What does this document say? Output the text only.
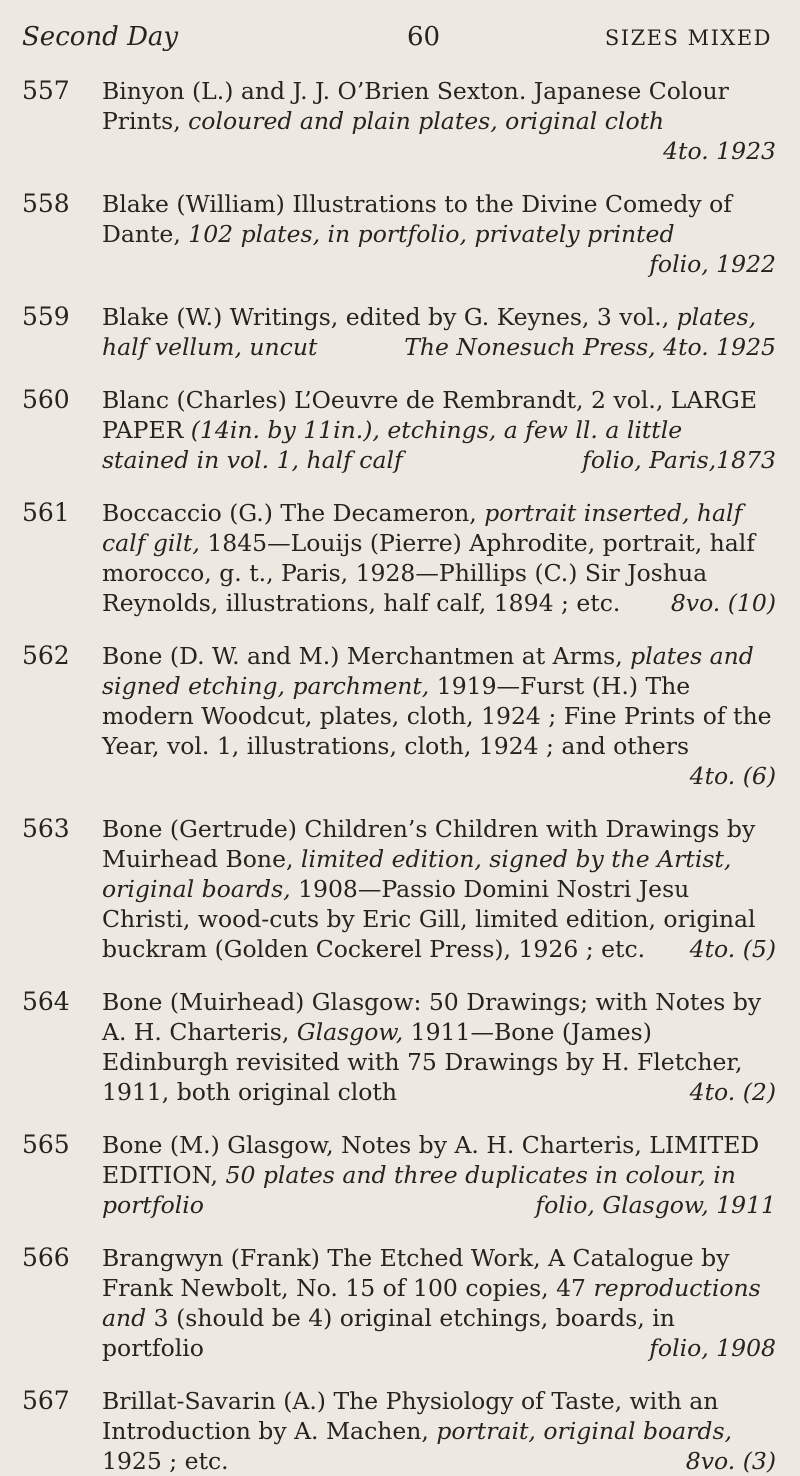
Second Day	60	SIZES MIXED
557 Binyon (L.) and J. J. O’Brien Sexton. Japanese Colour Prints, coloured and plain plates, original cloth
4to. 1923
558 Blake (William) Illustrations to the Divine Comedy of Dante, 102 plates, in portfolio, privately printed
folio, 1922
559 Blake (W.) Writings, edited by G. Keynes, 3 vol., plates, half vellum, uncut	The Nonesuch Press, 4to. 1925
560 Blanc (Charles) L’Oeuvre de Rembrandt, 2 vol., LARGE PAPER (14in. by 11in.), etchings, a few ll. a little stained in vol. 1, half calf	folio, Paris,1873
561 Boccaccio (G.) The Decameron, portrait inserted, half calf gilt, 1845—Louijs (Pierre) Aphrodite, portrait, half morocco, g. t., Paris, 1928—Phillips (C.) Sir Joshua Reynolds, illustrations, half calf, 1894 ; etc.	8vo. (10)
562 Bone (D. W. and M.) Merchantmen at Arms, plates and signed etching, parchment, 1919—Furst (H.) The modern Woodcut, plates, cloth, 1924 ; Fine Prints of the Year, vol. 1, illustrations, cloth, 1924 ; and others
4to. (6)
563 Bone (Gertrude) Children’s Children with Drawings by Muirhead Bone, limited edition, signed by the Artist, original boards, 1908—Passio Domini Nostri Jesu Christi, wood-cuts by Eric Gill, limited edition, original buckram (Golden Cockerel Press), 1926 ; etc.	4to. (5)
564 Bone (Muirhead) Glasgow: 50 Drawings; with Notes by A. H. Charteris, Glasgow, 1911—Bone (James) Edinburgh revisited with 75 Drawings by H. Fletcher, 1911, both original cloth	4to. (2)
565 Bone (M.) Glasgow, Notes by A. H. Charteris, LIMITED EDITION, 50 plates and three duplicates in colour, in portfolio	folio, Glasgow, 1911
566 Brangwyn (Frank) The Etched Work, A Catalogue by Frank Newbolt, No. 15 of 100 copies, 47 reproductions and 3 (should be 4) original etchings, boards, in portfolio	folio, 1908
567 Brillat-Savarin (A.) The Physiology of Taste, with an Introduction by A. Machen, portrait, original boards, 1925 ; etc.	8vo. (3)
